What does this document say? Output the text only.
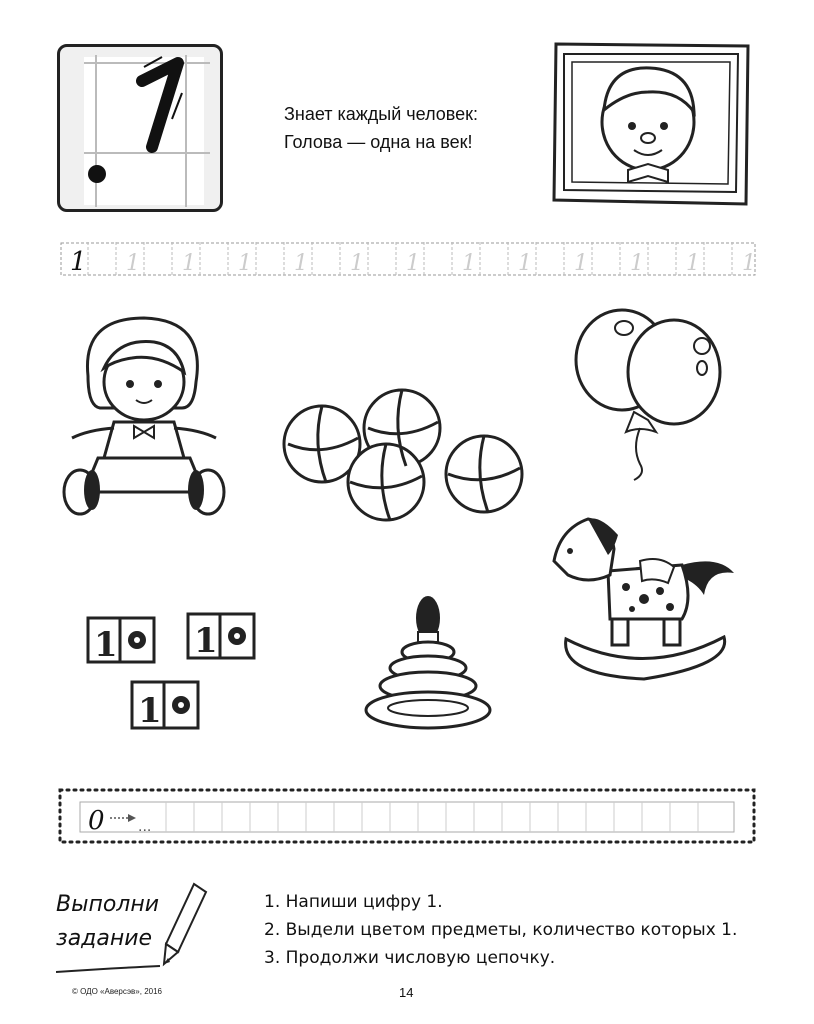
Знает каждый человек:
Голова — одна на век!
1 1 1 1 1 1 1 1 1 1 1 1 1
1 1
1
0 ...
Выполни
задание
1. Напиши цифру 1.
2. Выдели цветом предметы, количество которых 1.
3. Продолжи числовую цепочку.
© ОДО «Аверсэв», 2016	14
